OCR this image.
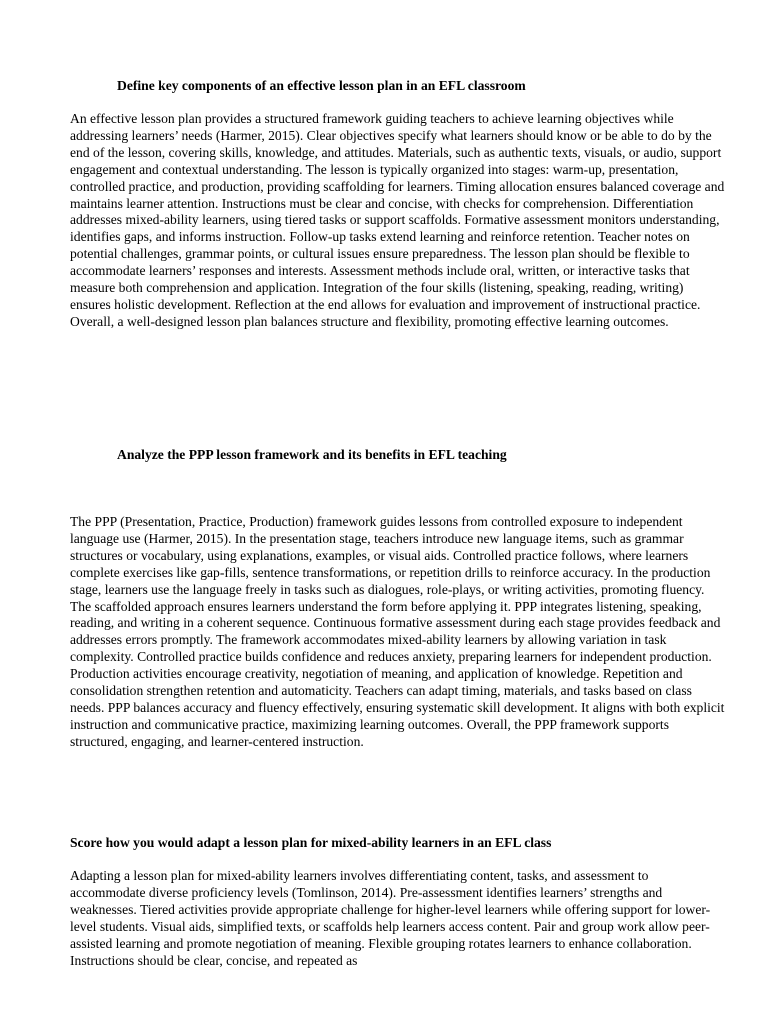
Define key components of an effective lesson plan in an EFL classroom

An effective lesson plan provides a structured framework guiding teachers to achieve learning objectives while addressing learners’ needs (Harmer, 2015). Clear objectives specify what learners should know or be able to do by the end of the lesson, covering skills, knowledge, and attitudes. Materials, such as authentic texts, visuals, or audio, support engagement and contextual understanding. The lesson is typically organized into stages: warm-up, presentation, controlled practice, and production, providing scaffolding for learners. Timing allocation ensures balanced coverage and maintains learner attention. Instructions must be clear and concise, with checks for comprehension. Differentiation addresses mixed-ability learners, using tiered tasks or support scaffolds. Formative assessment monitors understanding, identifies gaps, and informs instruction. Follow-up tasks extend learning and reinforce retention. Teacher notes on potential challenges, grammar points, or cultural issues ensure preparedness. The lesson plan should be flexible to accommodate learners’ responses and interests. Assessment methods include oral, written, or interactive tasks that measure both comprehension and application. Integration of the four skills (listening, speaking, reading, writing) ensures holistic development. Reflection at the end allows for evaluation and improvement of instructional practice. Overall, a well-designed lesson plan balances structure and flexibility, promoting effective learning outcomes.

Analyze the PPP lesson framework and its benefits in EFL teaching

The PPP (Presentation, Practice, Production) framework guides lessons from controlled exposure to independent language use (Harmer, 2015). In the presentation stage, teachers introduce new language items, such as grammar structures or vocabulary, using explanations, examples, or visual aids. Controlled practice follows, where learners complete exercises like gap-fills, sentence transformations, or repetition drills to reinforce accuracy. In the production stage, learners use the language freely in tasks such as dialogues, role-plays, or writing activities, promoting fluency. The scaffolded approach ensures learners understand the form before applying it. PPP integrates listening, speaking, reading, and writing in a coherent sequence. Continuous formative assessment during each stage provides feedback and addresses errors promptly. The framework accommodates mixed-ability learners by allowing variation in task complexity. Controlled practice builds confidence and reduces anxiety, preparing learners for independent production. Production activities encourage creativity, negotiation of meaning, and application of knowledge. Repetition and consolidation strengthen retention and automaticity. Teachers can adapt timing, materials, and tasks based on class needs. PPP balances accuracy and fluency effectively, ensuring systematic skill development. It aligns with both explicit instruction and communicative practice, maximizing learning outcomes. Overall, the PPP framework supports structured, engaging, and learner-centered instruction.

Score how you would adapt a lesson plan for mixed-ability learners in an EFL class

Adapting a lesson plan for mixed-ability learners involves differentiating content, tasks, and assessment to accommodate diverse proficiency levels (Tomlinson, 2014). Pre-assessment identifies learners’ strengths and weaknesses. Tiered activities provide appropriate challenge for higher-level learners while offering support for lower-level students. Visual aids, simplified texts, or scaffolds help learners access content. Pair and group work allow peer-assisted learning and promote negotiation of meaning. Flexible grouping rotates learners to enhance collaboration. Instructions should be clear, concise, and repeated as
